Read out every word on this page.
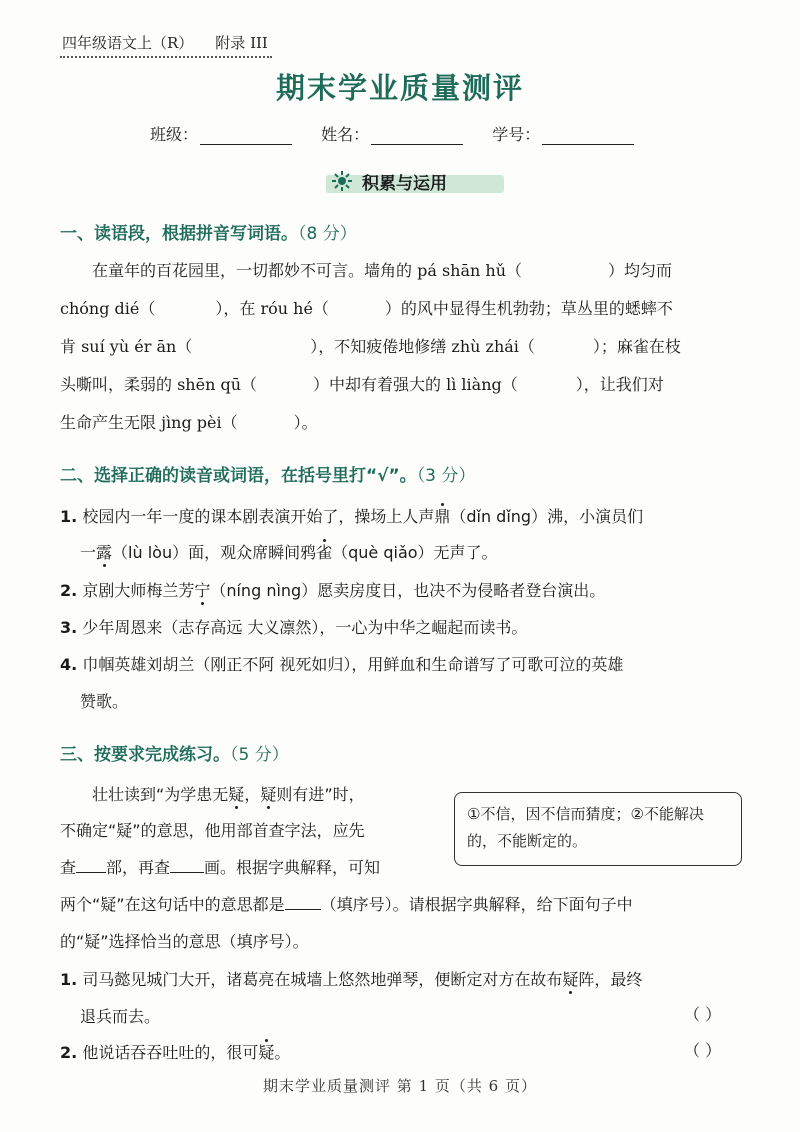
四年级语文上（R） 附录 III
期末学业质量测评
班级：	姓名：	学号：
积累与运用
一、读语段，根据拼音写词语。（8 分）
在童年的百花园里，一切都妙不可言。墙角的 pá shān hǔ（	）均匀而
chóng dié（	），在 róu hé（	）的风中显得生机勃勃；草丛里的蟋蟀不
肯 suí yù ér ān（	），不知疲倦地修缮 zhù zhái（	）；麻雀在枝
头嘶叫，柔弱的 shēn qū（	）中却有着强大的 lì liàng（	），让我们对
生命产生无限 jìng pèi（	）。
二、选择正确的读音或词语，在括号里打“√”。（3 分）
1. 校园内一年一度的课本剧表演开始了，操场上人声鼎（dǐn dǐng）沸，小演员们
一露（lù lòu）面，观众席瞬间鸦雀（què qiǎo）无声了。
2. 京剧大师梅兰芳宁（níng nìng）愿卖房度日，也决不为侵略者登台演出。
3. 少年周恩来（志存高远 大义凛然），一心为中华之崛起而读书。
4. 巾帼英雄刘胡兰（刚正不阿 视死如归），用鲜血和生命谱写了可歌可泣的英雄
赞歌。
三、按要求完成练习。（5 分）
壮壮读到“为学患无疑，疑则有进”时，
不确定“疑”的意思，他用部首查字法，应先
查 部，再查 画。根据字典解释，可知
两个“疑”在这句话中的意思都是 （填序号）。请根据字典解释，给下面句子中
的“疑”选择恰当的意思（填序号）。
①不信，因不信而猜度；②不能解决的，不能断定的。
1. 司马懿见城门大开，诸葛亮在城墙上悠然地弹琴，便断定对方在故布疑阵，最终
退兵而去。	（ ）
2. 他说话吞吞吐吐的，很可疑。	（ ）
期末学业质量测评 第 1 页（共 6 页）
